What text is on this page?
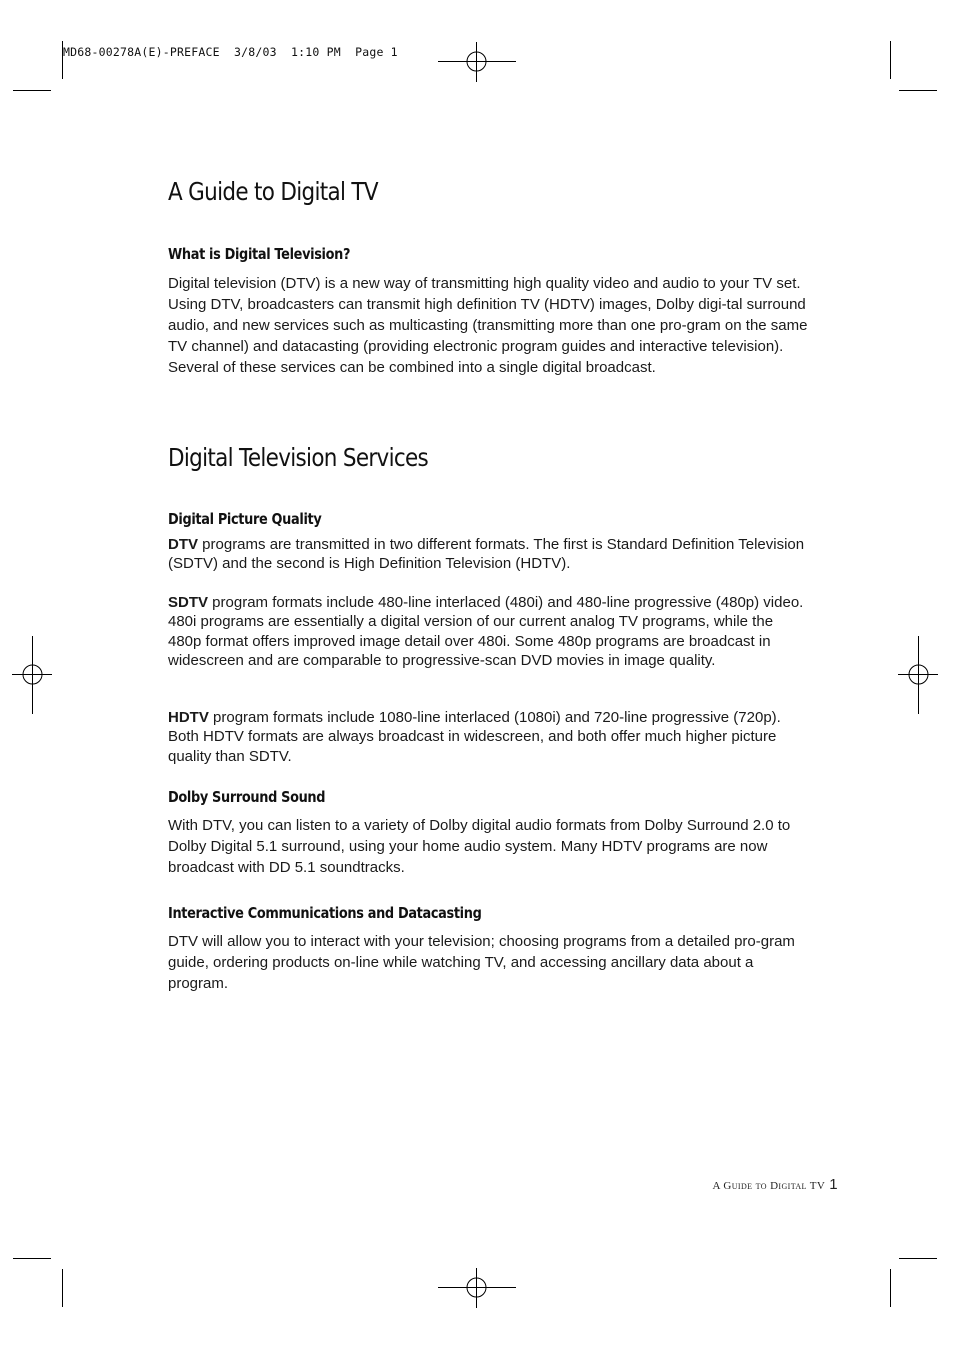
MD68-00278A(E)-PREFACE  3/8/03  1:10 PM  Page 1
A Guide to Digital TV
What is Digital Television?

Digital television (DTV) is a new way of transmitting high quality video and audio to your TV set. Using DTV, broadcasters can transmit high definition TV (HDTV) images, Dolby digi-tal surround audio, and new services such as multicasting (transmitting more than one pro-gram on the same TV channel) and datacasting (providing electronic program guides and interactive television). Several of these services can be combined into a single digital broadcast.

Digital Television Services
Digital Picture Quality

DTV programs are transmitted in two different formats. The first is Standard Definition Television (SDTV) and the second is High Definition Television (HDTV).

SDTV program formats include 480-line interlaced (480i) and 480-line progressive (480p) video. 480i programs are essentially a digital version of our current analog TV programs, while the 480p format offers improved image detail over 480i. Some 480p programs are broadcast in widescreen and are comparable to progressive-scan DVD movies in image quality.

HDTV program formats include 1080-line interlaced (1080i) and 720-line progressive (720p). Both HDTV formats are always broadcast in widescreen, and both offer much higher picture quality than SDTV.

Dolby Surround Sound

With DTV, you can listen to a variety of Dolby digital audio formats from Dolby Surround 2.0 to Dolby Digital 5.1 surround, using your home audio system. Many HDTV programs are now broadcast with DD 5.1 soundtracks.

Interactive Communications and Datacasting

DTV will allow you to interact with your television; choosing programs from a detailed pro-gram guide, ordering products on-line while watching TV, and accessing ancillary data about a program.

A Guide to Digital TV 1
